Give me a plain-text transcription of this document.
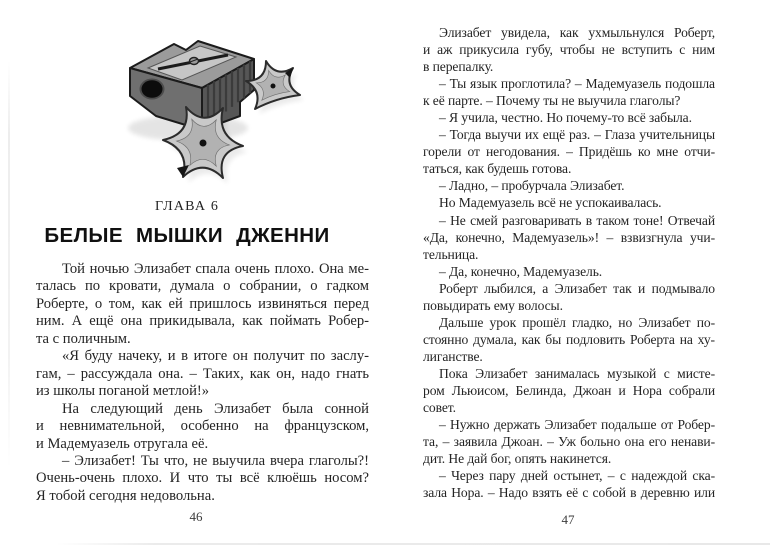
ГЛАВА 6
БЕЛЫЕ МЫШКИ ДЖЕННИ
Той ночью Элизабет спала очень плохо. Она ме-
талась по кровати, думала о собрании, о гадком
Роберте, о том, как ей пришлось извиняться перед
ним. А ещё она прикидывала, как поймать Робер-
та с поличным.
«Я буду начеку, и в итоге он получит по заслу-
гам, – рассуждала она. – Таких, как он, надо гнать
из школы поганой метлой!»
На следующий день Элизабет была сонной
и невнимательной, особенно на французском,
и Мадемуазель отругала её.
– Элизабет! Ты что, не выучила вчера глаголы?!
Очень-очень плохо. И что ты всё клюёшь носом?
Я тобой сегодня недовольна.
46
Элизабет увидела, как ухмыльнулся Роберт,
и аж прикусила губу, чтобы не вступить с ним
в перепалку.
– Ты язык проглотила? – Мадемуазель подошла
к её парте. – Почему ты не выучила глаголы?
– Я учила, честно. Но почему-то всё забыла.
– Тогда выучи их ещё раз. – Глаза учительницы
горели от негодования. – Придёшь ко мне отчи-
таться, как будешь готова.
– Ладно, – пробурчала Элизабет.
Но Мадемуазель всё не успокаивалась.
– Не смей разговаривать в таком тоне! Отвечай
«Да, конечно, Мадемуазель»! – взвизгнула учи-
тельница.
– Да, конечно, Мадемуазель.
Роберт лыбился, а Элизабет так и подмывало
повыдирать ему волосы.
Дальше урок прошёл гладко, но Элизабет по-
стоянно думала, как бы подловить Роберта на ху-
лиганстве.
Пока Элизабет занималась музыкой с мисте-
ром Льюисом, Белинда, Джоан и Нора собрали
совет.
– Нужно держать Элизабет подальше от Робер-
та, – заявила Джоан. – Уж больно она его ненави-
дит. Не дай бог, опять накинется.
– Через пару дней остынет, – с надеждой ска-
зала Нора. – Надо взять её с собой в деревню или
47
